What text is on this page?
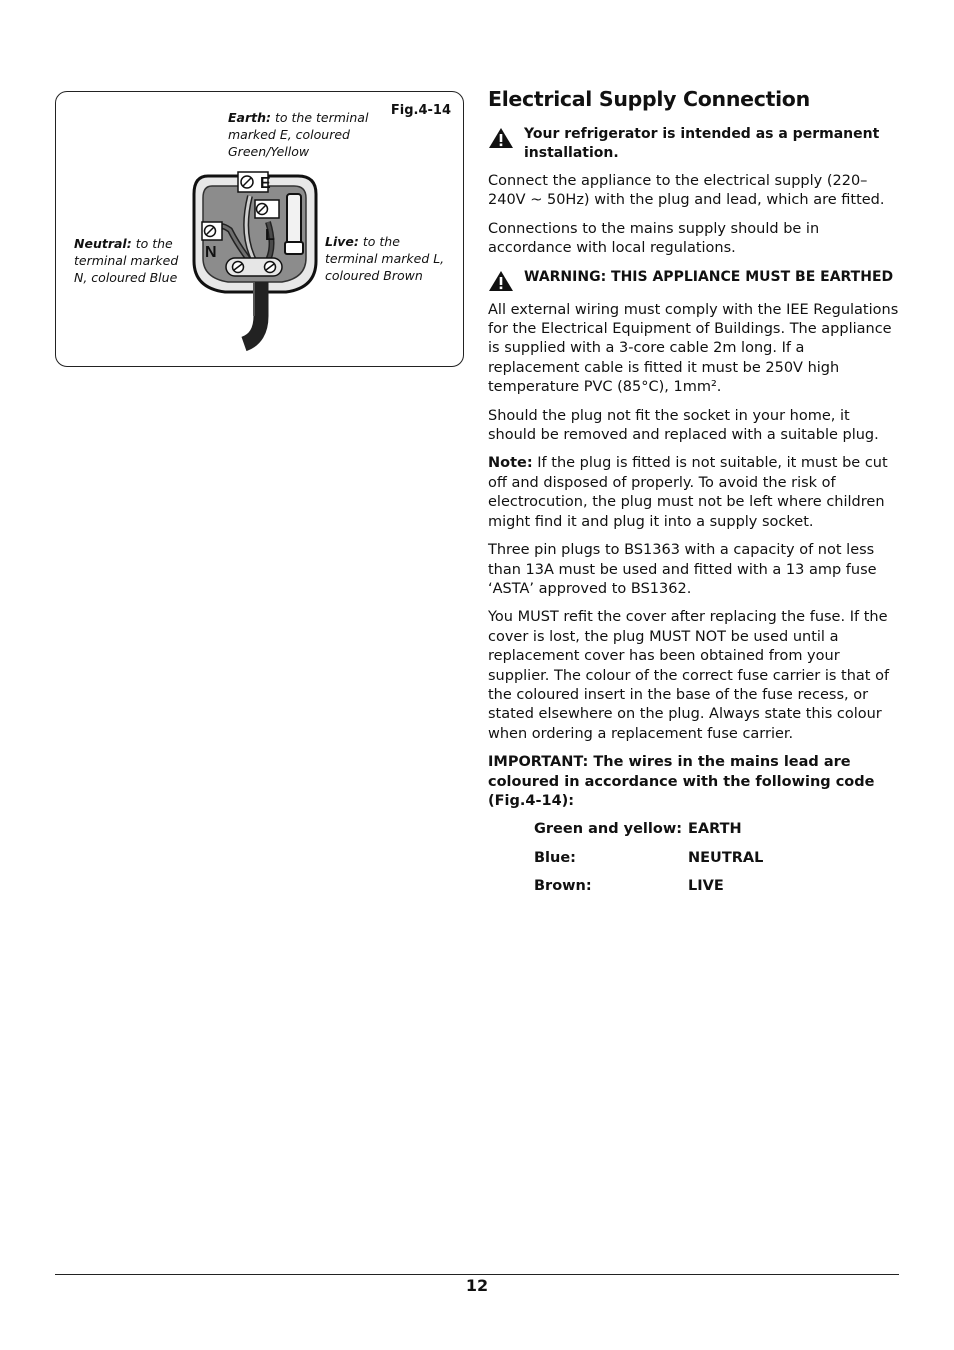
Fig.4-14
Earth: to the terminal marked E, coloured Green/Yellow
Neutral: to the terminal marked N, coloured Blue
Live: to the terminal marked L, coloured Brown
E
L
N
Electrical Supply Connection
Your refrigerator is intended as a permanent installation.

Connect the appliance to the electrical supply (220–240V ~ 50Hz) with the plug and lead, which are fitted.

Connections to the mains supply should be in accordance with local regulations.

WARNING: THIS APPLIANCE MUST BE EARTHED

All external wiring must comply with the IEE Regulations for the Electrical Equipment of Buildings. The appliance is supplied with a 3-core cable 2m long. If a replacement cable is fitted it must be 250V high temperature PVC (85°C), 1mm².

Should the plug not fit the socket in your home, it should be removed and replaced with a suitable plug.

Note: If the plug is fitted is not suitable, it must be cut off and disposed of properly. To avoid the risk of electrocution, the plug must not be left where children might find it and plug it into a supply socket.

Three pin plugs to BS1363 with a capacity of not less than 13A must be used and fitted with a 13 amp fuse ‘ASTA’ approved to BS1362.

You MUST refit the cover after replacing the fuse. If the cover is lost, the plug MUST NOT be used until a replacement cover has been obtained from your supplier. The colour of the correct fuse carrier is that of the coloured insert in the base of the fuse recess, or stated elsewhere on the plug. Always state this colour when ordering a replacement fuse carrier.

IMPORTANT: The wires in the mains lead are coloured in accordance with the following code (Fig.4-14):

Green and yellow: EARTH
Blue:	NEUTRAL
Brown:	LIVE
12
